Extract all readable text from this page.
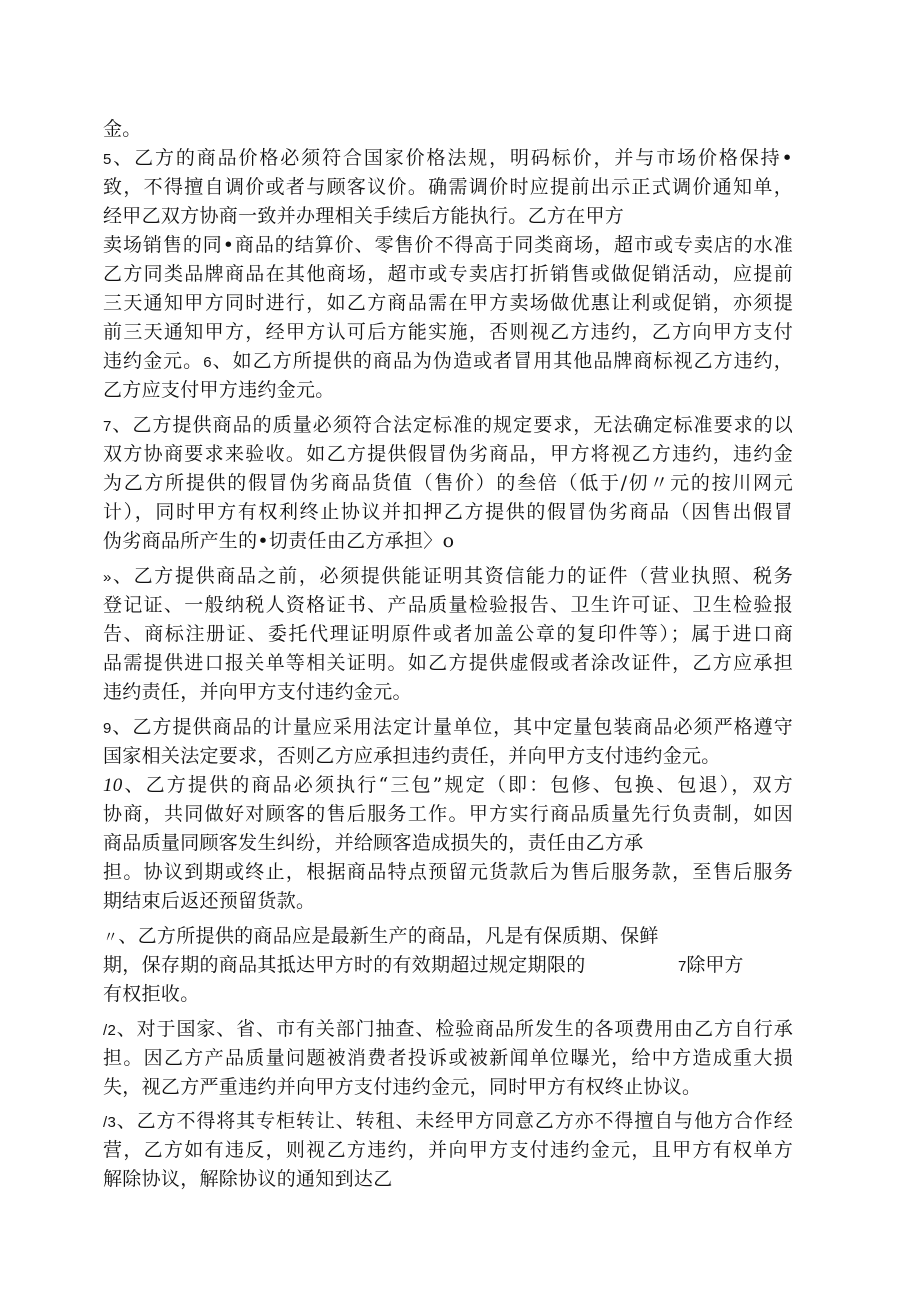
金。
5、乙方的商品价格必须符合国家价格法规，明码标价，并与市场价格保持•
致，不得擅自调价或者与顾客议价。确需调价时应提前出示正式调价通知单，
经甲乙双方协商一致并办理相关手续后方能执行。乙方在甲方
卖场销售的同•商品的结算价、零售价不得高于同类商场，超市或专卖店的水准
乙方同类品牌商品在其他商场，超市或专卖店打折销售或做促销活动，应提前
三天通知甲方同时进行，如乙方商品需在甲方卖场做优惠让利或促销，亦须提
前三天通知甲方，经甲方认可后方能实施，否则视乙方违约，乙方向甲方支付
违约金元。6、如乙方所提供的商品为伪造或者冒用其他品牌商标视乙方违约，
乙方应支付甲方违约金元。
7、乙方提供商品的质量必须符合法定标准的规定要求，无法确定标准要求的以
双方协商要求来验收。如乙方提供假冒伪劣商品，甲方将视乙方违约，违约金
为乙方所提供的假冒伪劣商品货值（售价）的叁倍（低于/仞〃元的按川网元
计），同时甲方有权利终止协议并扣押乙方提供的假冒伪劣商品（因售出假冒
伪劣商品所产生的•切责任由乙方承担〉o
»、乙方提供商品之前，必须提供能证明其资信能力的证件（营业执照、税务
登记证、一般纳税人资格证书、产品质量检验报告、卫生许可证、卫生检验报
告、商标注册证、委托代理证明原件或者加盖公章的复印件等）；属于进口商
品需提供进口报关单等相关证明。如乙方提供虚假或者涂改证件，乙方应承担
违约责任，并向甲方支付违约金元。
9、乙方提供商品的计量应采用法定计量单位，其中定量包装商品必须严格遵守
国家相关法定要求，否则乙方应承担违约责任，并向甲方支付违约金元。
10、乙方提供的商品必须执行“三包”规定（即：包修、包换、包退），双方
协商，共同做好对顾客的售后服务工作。甲方实行商品质量先行负责制，如因
商品质量同顾客发生纠纷，并给顾客造成损失的，责任由乙方承
担。协议到期或终止，根据商品特点预留元货款后为售后服务款，至售后服务
期结束后返还预留货款。
〃、乙方所提供的商品应是最新生产的商品，凡是有保质期、保鲜
期，保存期的商品其抵达甲方时的有效期超过规定期限的	7除甲方
有权拒收。
/2、对于国家、省、市有关部门抽查、检验商品所发生的各项费用由乙方自行承
担。因乙方产品质量问题被消费者投诉或被新闻单位曝光，给中方造成重大损
失，视乙方严重违约并向甲方支付违约金元，同时甲方有权终止协议。
/3、乙方不得将其专柜转让、转租、未经甲方同意乙方亦不得擅自与他方合作经
营，乙方如有违反，则视乙方违约，并向甲方支付违约金元，且甲方有权单方
解除协议，解除协议的通知到达乙
